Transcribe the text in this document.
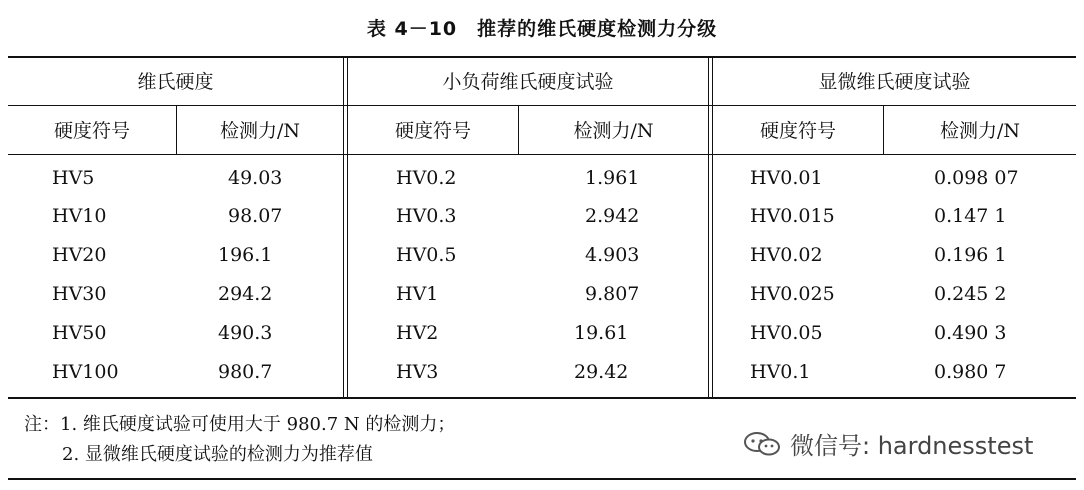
表 4－10　推荐的维氏硬度检测力分级
维氏硬度	小负荷维氏硬度试验	显微维氏硬度试验
硬度符号	检测力/N	硬度符号	检测力/N	硬度符号	检测力/N
HV5	49.03	HV0.2	1.961	HV0.01	0.098 07
HV10	98.07	HV0.3	2.942	HV0.015	0.147 1
HV20	196.1	HV0.5	4.903	HV0.02	0.196 1
HV30	294.2	HV1	9.807	HV0.025	0.245 2
HV50	490.3	HV2	19.61	HV0.05	0.490 3
HV100	980.7	HV3	29.42	HV0.1	0.980 7
注：1. 维氏硬度试验可使用大于 980.7 N 的检测力；
2. 显微维氏硬度试验的检测力为推荐值	微信号: hardnesstest
